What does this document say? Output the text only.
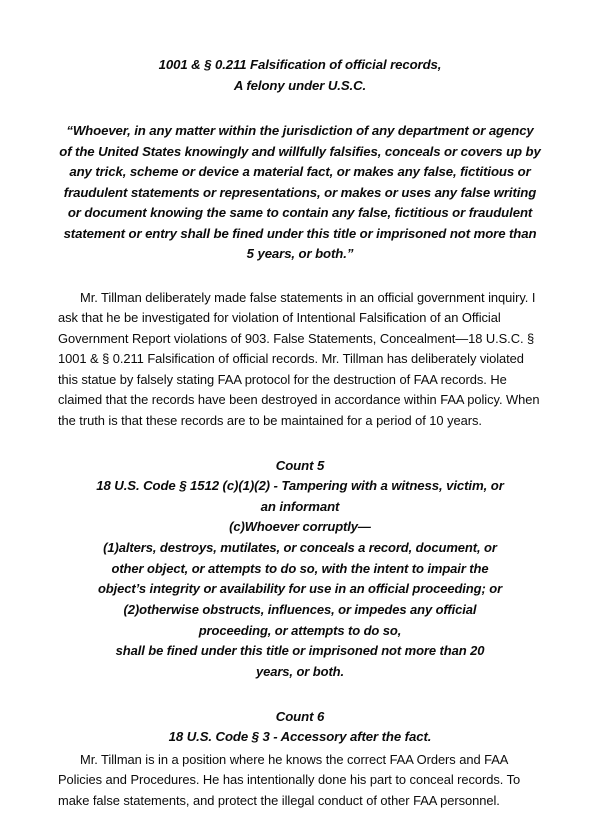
1001 & § 0.211 Falsification of official records,
A felony under U.S.C.
“Whoever, in any matter within the jurisdiction of any department or agency
of the United States knowingly and willfully falsifies, conceals or covers up by
any trick, scheme or device a material fact, or makes any false, fictitious or
fraudulent statements or representations, or makes or uses any false writing
or document knowing the same to contain any false, fictitious or fraudulent
statement or entry shall be fined under this title or imprisoned not more than
5 years, or both.”

Mr. Tillman deliberately made false statements in an official government inquiry. I ask that he be investigated for violation of Intentional Falsification of an Official Government Report violations of 903. False Statements, Concealment—18 U.S.C. § 1001 & § 0.211 Falsification of official records. Mr. Tillman has deliberately violated this statue by falsely stating FAA protocol for the destruction of FAA records. He claimed that the records have been destroyed in accordance within FAA policy. When the truth is that these records are to be maintained for a period of 10 years.

Count 5
18 U.S. Code § 1512 (c)(1)(2) - Tampering with a witness, victim, or
an informant
(c)Whoever corruptly—
(1)alters, destroys, mutilates, or conceals a record, document, or
other object, or attempts to do so, with the intent to impair the
object’s integrity or availability for use in an official proceeding; or
(2)otherwise obstructs, influences, or impedes any official
proceeding, or attempts to do so,
shall be fined under this title or imprisoned not more than 20
years, or both.
Count 6
18 U.S. Code § 3 - Accessory after the fact.

Mr. Tillman is in a position where he knows the correct FAA Orders and FAA Policies and Procedures. He has intentionally done his part to conceal records. To make false statements, and protect the illegal conduct of other FAA personnel.
